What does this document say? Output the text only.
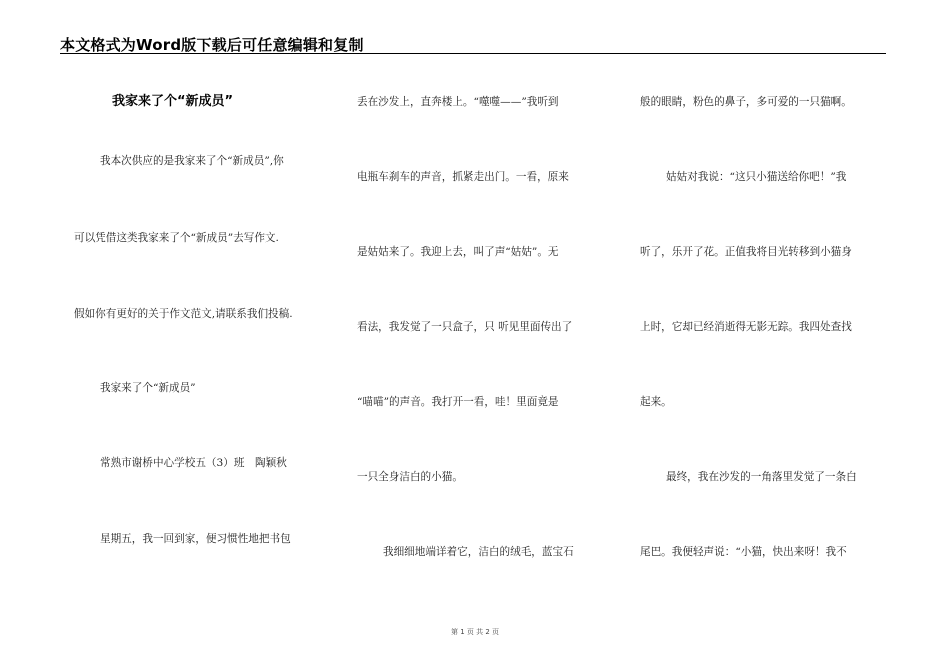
本文格式为Word版下载后可任意编辑和复制
我家来了个“新成员”
我本次供应的是我家来了个“新成员”,你
可以凭借这类我家来了个“新成员”去写作文.
假如你有更好的关于作文范文,请联系我们投稿.
我家来了个“新成员”
常熟市谢桥中心学校五（3）班　陶颖秋
星期五，我一回到家，便习惯性地把书包
丢在沙发上，直奔楼上。“噬噬——”我听到
电瓶车刹车的声音，抓紧走出门。一看，原来
是姑姑来了。我迎上去，叫了声“姑姑”。无
看法，我发觉了一只盒子，只 听见里面传出了
“喵喵”的声音。我打开一看，哇！里面竟是
一只全身洁白的小猫。
我细细地端详着它，洁白的绒毛，蓝宝石
般的眼睛，粉色的鼻子，多可爱的一只猫啊。
姑姑对我说：“这只小猫送给你吧！”我
听了，乐开了花。正值我将目光转移到小猫身
上时，它却已经消逝得无影无踪。我四处查找
起来。
最终，我在沙发的一角落里发觉了一条白
尾巴。我便轻声说：“小猫，快出来呀！我不
第 1 页 共 2 页
